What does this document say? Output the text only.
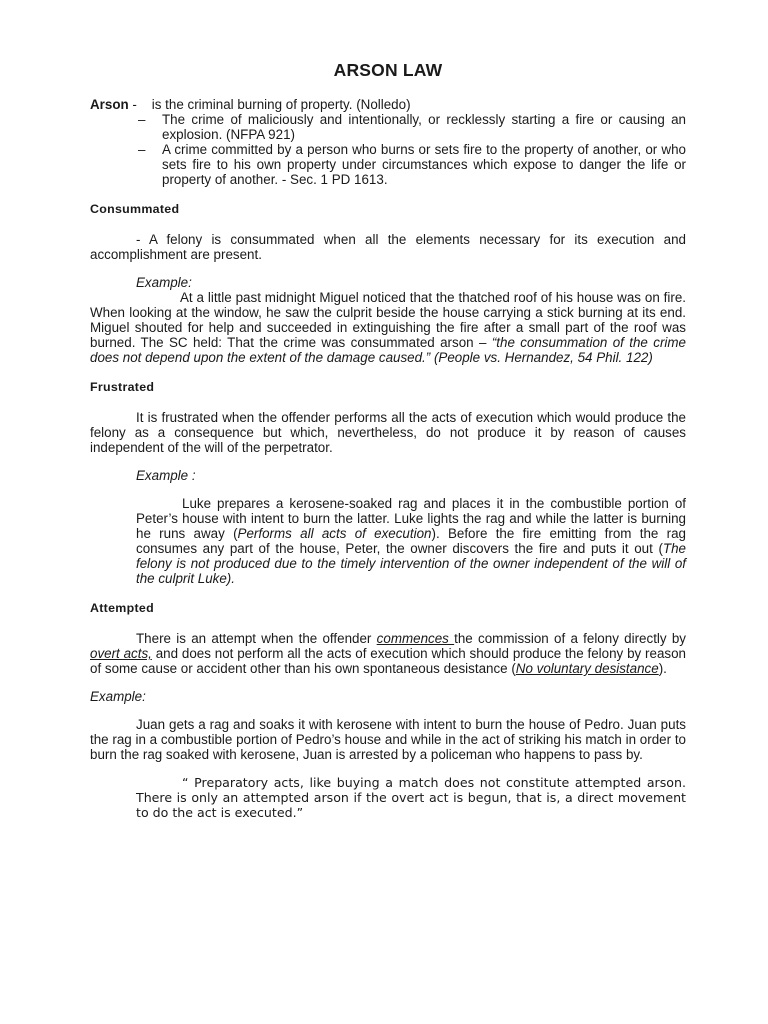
ARSON LAW

Arson - is the criminal burning of property. (Nolledo)

– The crime of maliciously and intentionally, or recklessly starting a fire or causing an explosion. (NFPA 921)
– A crime committed by a person who burns or sets fire to the property of another, or who sets fire to his own property under circumstances which expose to danger the life or property of another. - Sec. 1 PD 1613.

Consummated

- A felony is consummated when all the elements necessary for its execution and accomplishment are present.

Example:

At a little past midnight Miguel noticed that the thatched roof of his house was on fire. When looking at the window, he saw the culprit beside the house carrying a stick burning at its end. Miguel shouted for help and succeeded in extinguishing the fire after a small part of the roof was burned. The SC held: That the crime was consummated arson – “the consummation of the crime does not depend upon the extent of the damage caused.” (People vs. Hernandez, 54 Phil. 122)

Frustrated

It is frustrated when the offender performs all the acts of execution which would produce the felony as a consequence but which, nevertheless, do not produce it by reason of causes independent of the will of the perpetrator.

Example :

Luke prepares a kerosene-soaked rag and places it in the combustible portion of Peter’s house with intent to burn the latter. Luke lights the rag and while the latter is burning he runs away (Performs all acts of execution). Before the fire emitting from the rag consumes any part of the house, Peter, the owner discovers the fire and puts it out (The felony is not produced due to the timely intervention of the owner independent of the will of the culprit Luke).

Attempted

There is an attempt when the offender commences the commission of a felony directly by overt acts, and does not perform all the acts of execution which should produce the felony by reason of some cause or accident other than his own spontaneous desistance (No voluntary desistance).

Example:

Juan gets a rag and soaks it with kerosene with intent to burn the house of Pedro. Juan puts the rag in a combustible portion of Pedro’s house and while in the act of striking his match in order to burn the rag soaked with kerosene, Juan is arrested by a policeman who happens to pass by.

“ Preparatory acts, like buying a match does not constitute attempted arson. There is only an attempted arson if the overt act is begun, that is, a direct movement to do the act is executed.”
